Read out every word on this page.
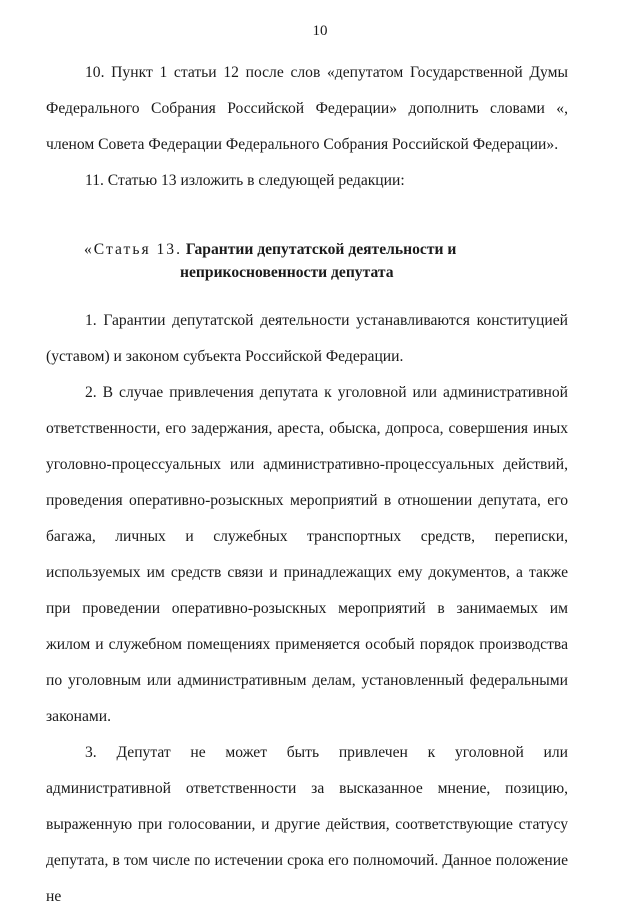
10

10. Пункт 1 статьи 12 после слов «депутатом Государственной Думы Федерального Собрания Российской Федерации» дополнить словами «, членом Совета Федерации Федерального Собрания Российской Федерации».

11. Статью 13 изложить в следующей редакции:

«Статья 13. Гарантии депутатской деятельности и
неприкосновенности депутата

1. Гарантии депутатской деятельности устанавливаются конституцией (уставом) и законом субъекта Российской Федерации.

2. В случае привлечения депутата к уголовной или административной ответственности, его задержания, ареста, обыска, допроса, совершения иных уголовно-процессуальных или административно-процессуальных действий, проведения оперативно-розыскных мероприятий в отношении депутата, его багажа, личных и служебных транспортных средств, переписки, используемых им средств связи и принадлежащих ему документов, а также при проведении оперативно-розыскных мероприятий в занимаемых им жилом и служебном помещениях применяется особый порядок производства по уголовным или административным делам, установленный федеральными законами.

3. Депутат не может быть привлечен к уголовной или административной ответственности за высказанное мнение, позицию, выраженную при голосовании, и другие действия, соответствующие статусу депутата, в том числе по истечении срока его полномочий. Данное положение не
